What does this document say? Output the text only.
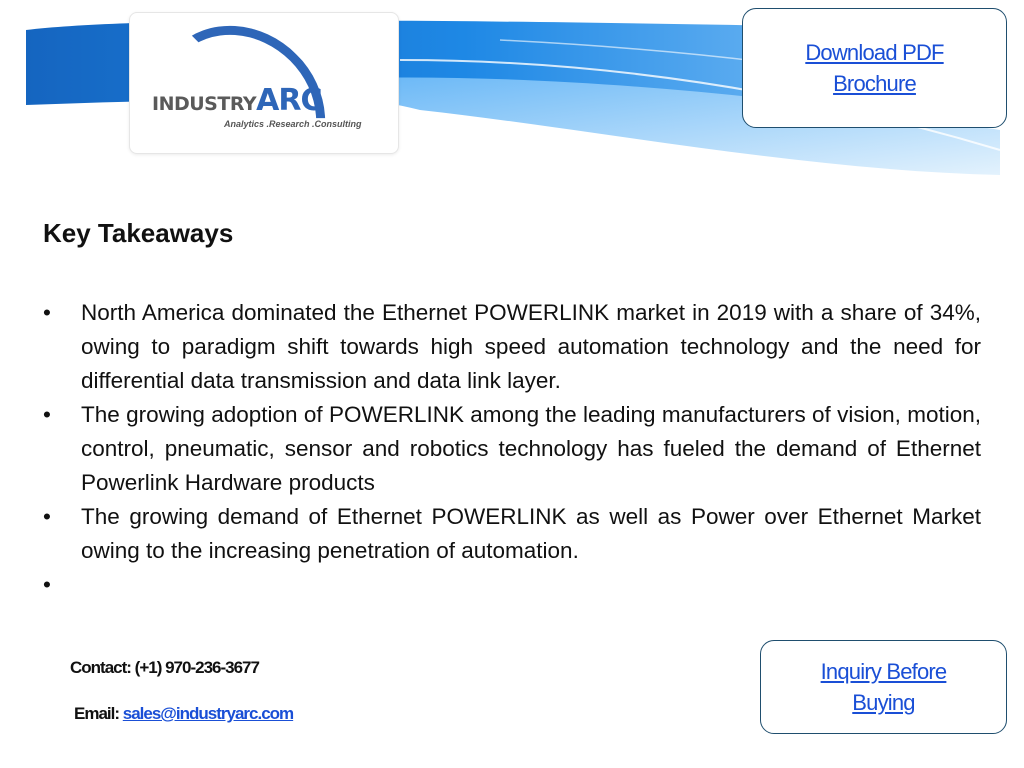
INDUSTRYARC
Analytics .Research .Consulting
Download PDF Brochure
Key Takeaways
•	North America dominated the Ethernet POWERLINK market in 2019 with a share of 34%, owing to paradigm shift towards high speed automation technology and the need for differential data transmission and data link layer.
•	The growing adoption of POWERLINK among the leading manufacturers of vision, motion, control, pneumatic, sensor and robotics technology has fueled the demand of Ethernet Powerlink Hardware products
•	The growing demand of Ethernet POWERLINK as well as Power over Ethernet Market owing to the increasing penetration of automation.
•

Contact: (+1) 970-236-3677
Email: sales@industryarc.com
Inquiry Before Buying
